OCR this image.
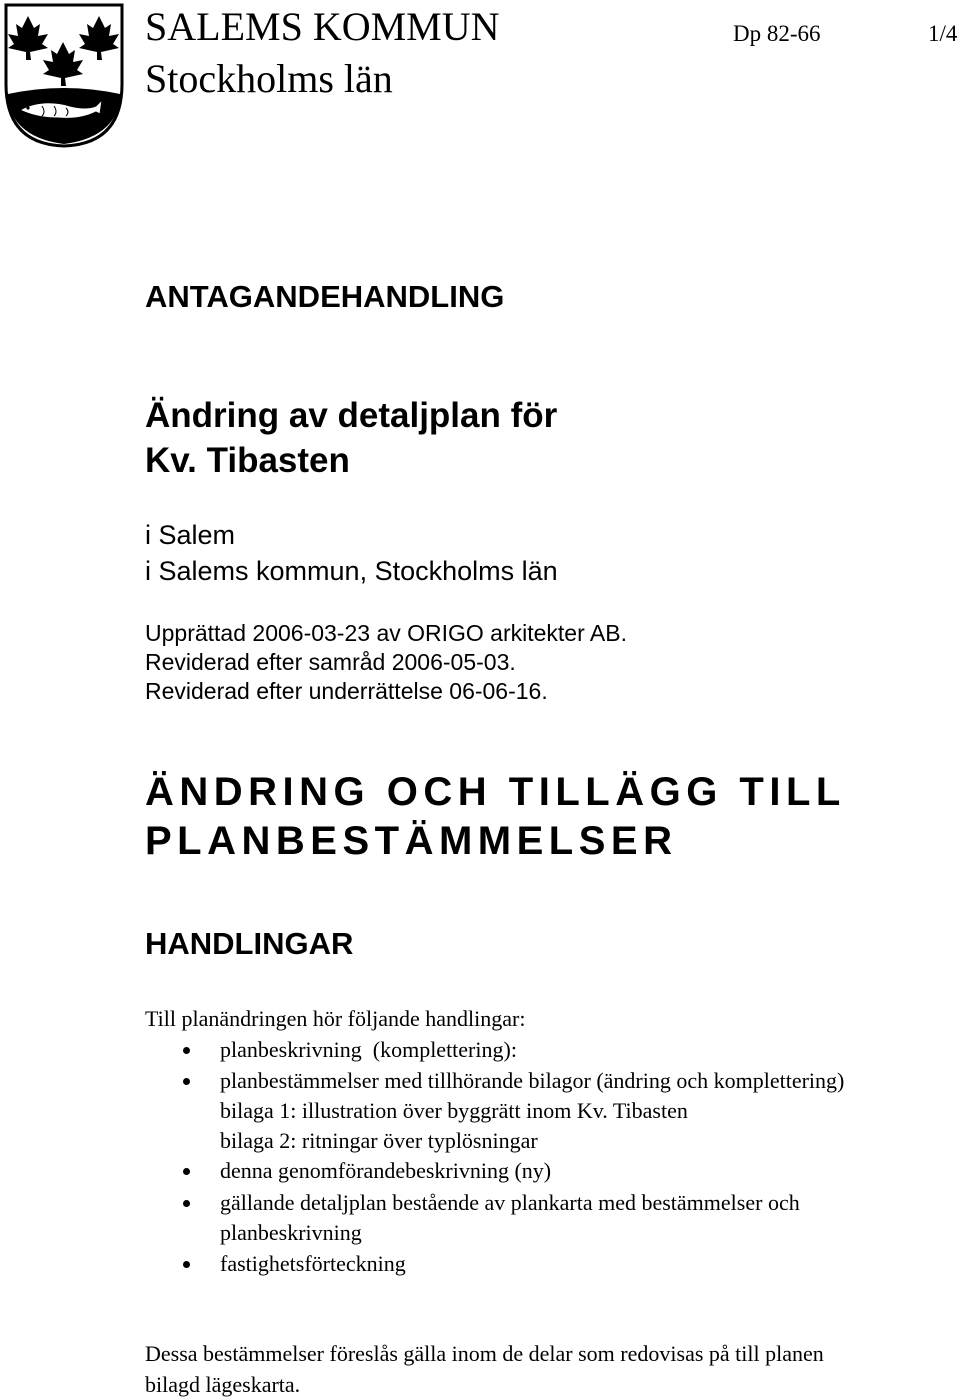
SALEMS KOMMUN
Stockholms län
Dp 82-66	1/4
ANTAGANDEHANDLING
Ändring av detaljplan för
Kv. Tibasten
i Salem
i Salems kommun, Stockholms län
Upprättad 2006-03-23 av ORIGO arkitekter AB.
Reviderad efter samråd 2006-05-03.
Reviderad efter underrättelse 06-06-16.
ÄNDRING OCH TILLÄGG TILL
PLANBESTÄMMELSER
HANDLINGAR
Till planändringen hör följande handlingar:
planbeskrivning  (komplettering):
planbestämmelser med tillhörande bilagor (ändring och komplettering)
bilaga 1: illustration över byggrätt inom Kv. Tibasten
bilaga 2: ritningar över typlösningar
denna genomförandebeskrivning (ny)
gällande detaljplan bestående av plankarta med bestämmelser och
planbeskrivning
fastighetsförteckning
Dessa bestämmelser föreslås gälla inom de delar som redovisas på till planen
bilagd lägeskarta.
